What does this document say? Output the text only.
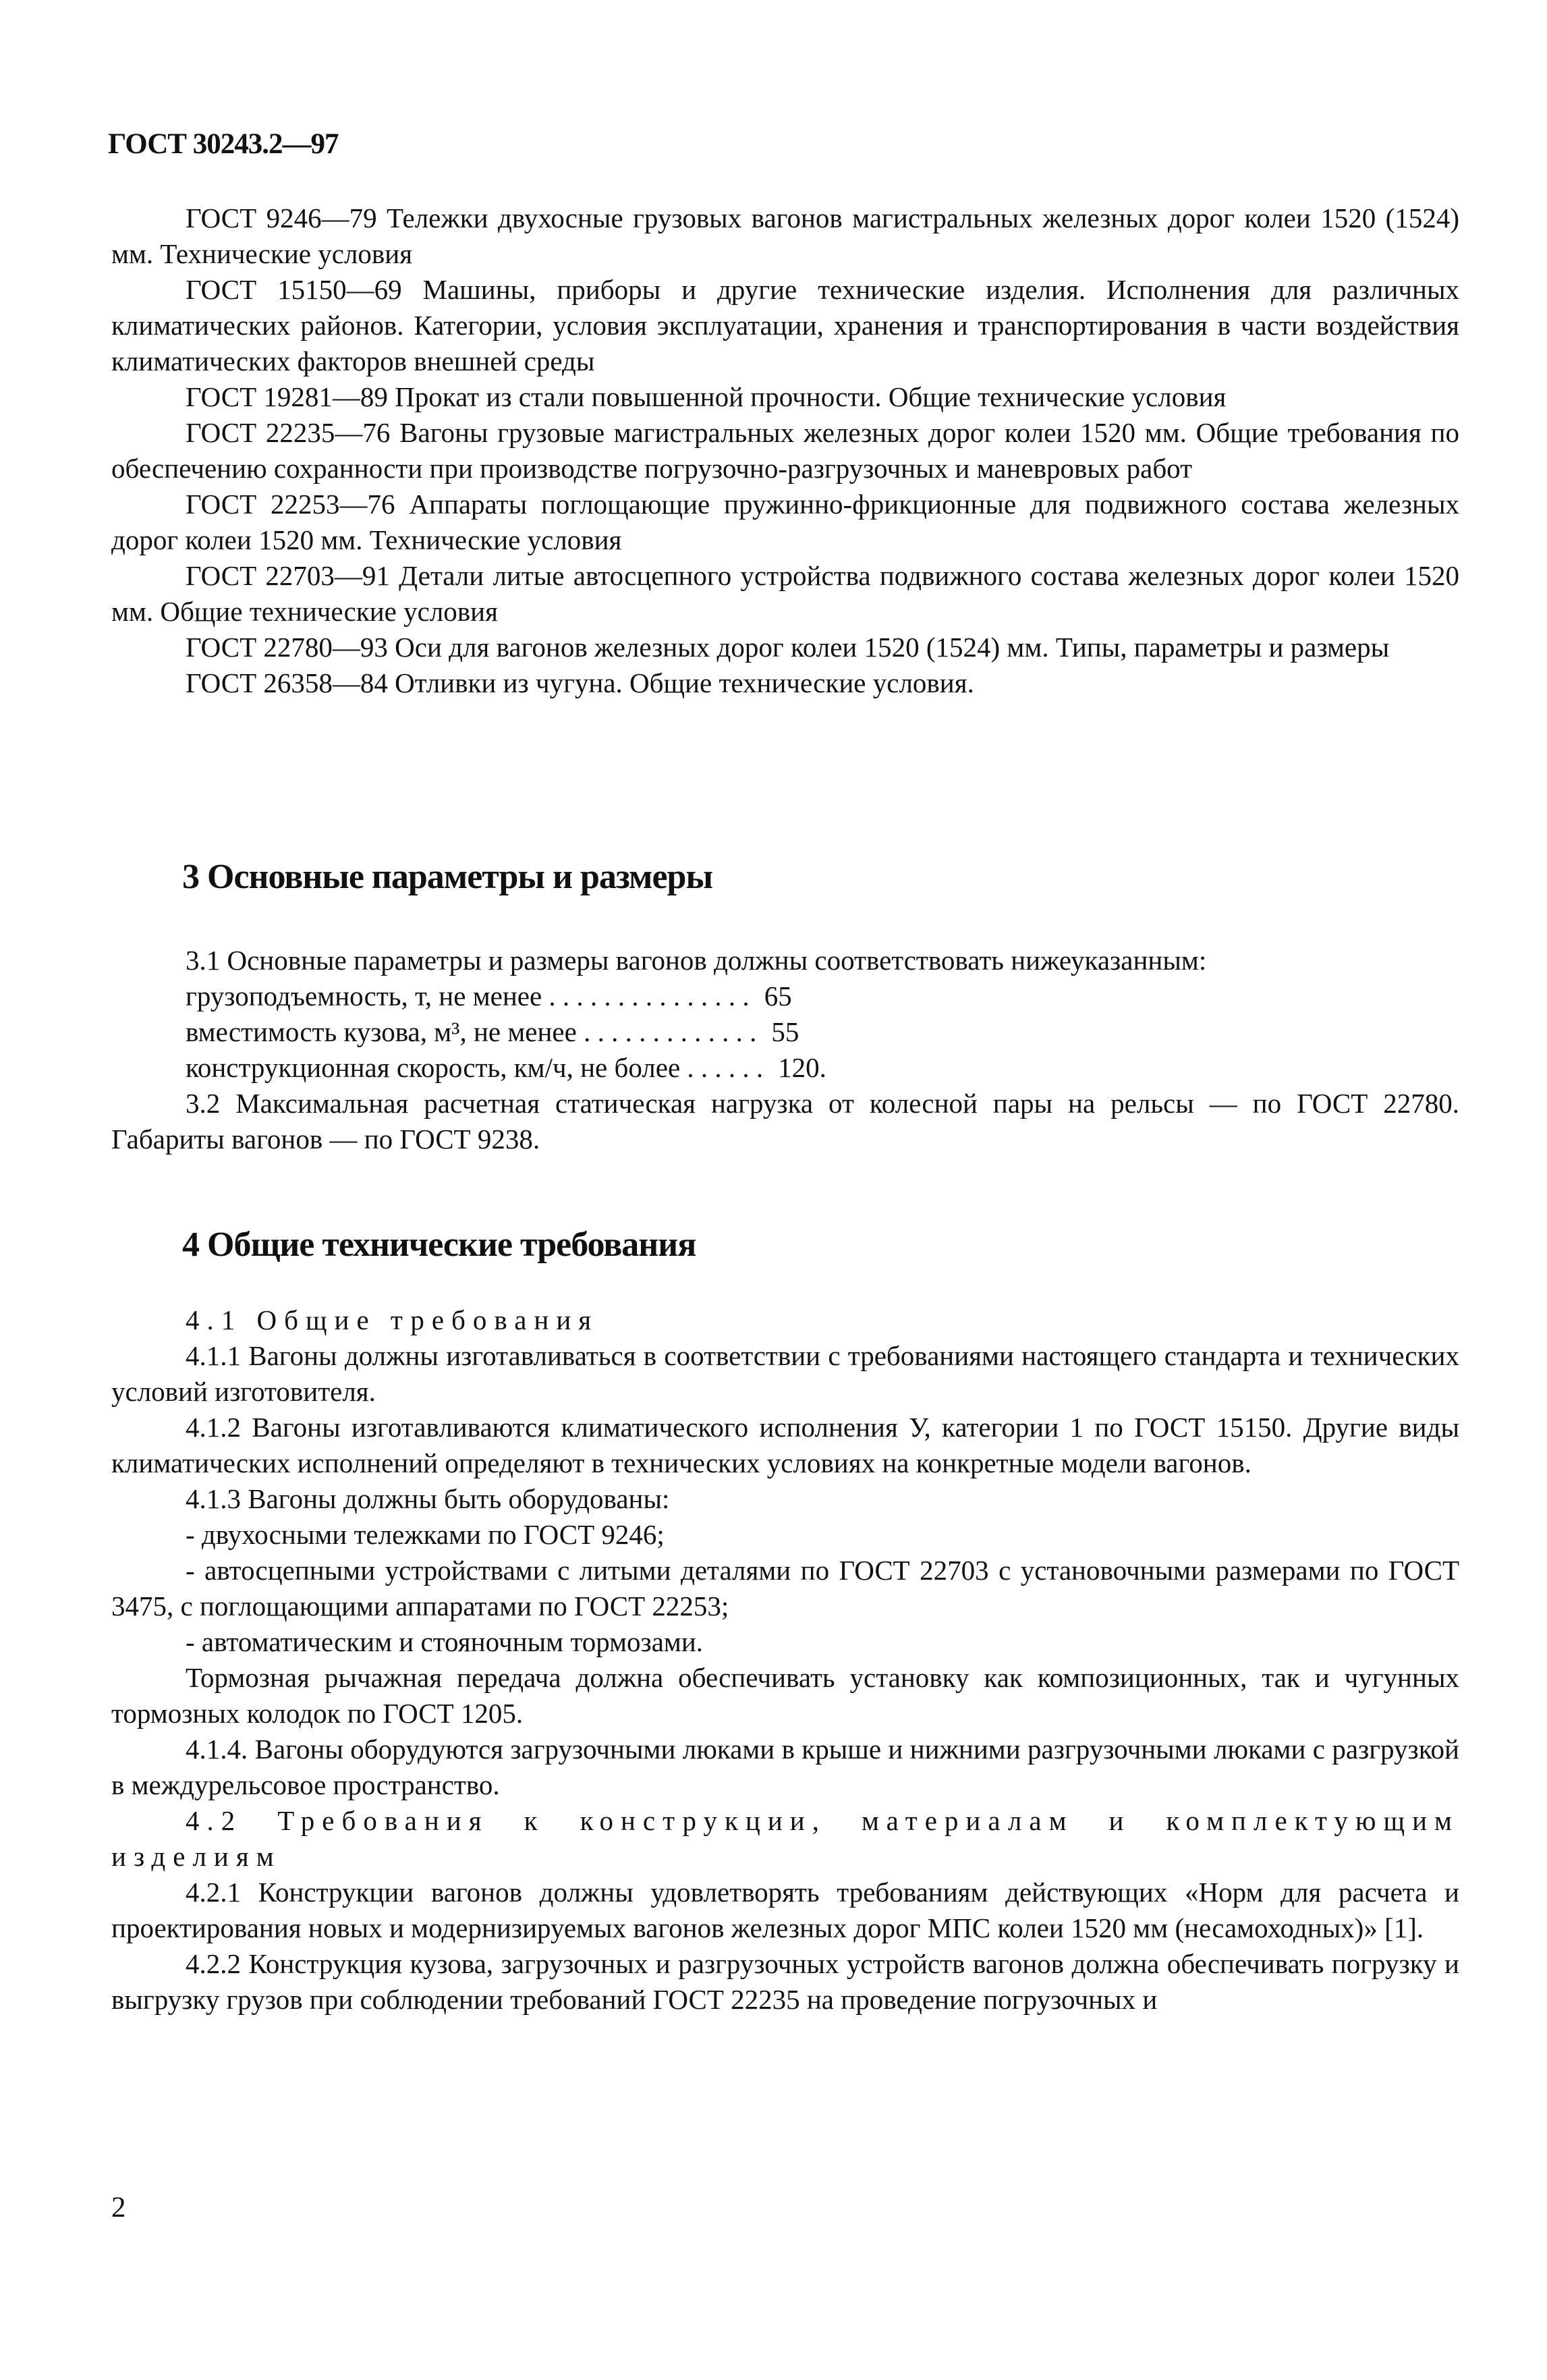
ГОСТ 30243.2—97

ГОСТ 9246—79 Тележки двухосные грузовых вагонов магистральных железных дорог колеи 1520 (1524) мм. Технические условия

ГОСТ 15150—69 Машины, приборы и другие технические изделия. Исполнения для различных климатических районов. Категории, условия эксплуатации, хранения и транспортирования в части воздействия климатических факторов внешней среды

ГОСТ 19281—89 Прокат из стали повышенной прочности. Общие технические условия

ГОСТ 22235—76 Вагоны грузовые магистральных железных дорог колеи 1520 мм. Общие требования по обеспечению сохранности при производстве погрузочно-разгрузочных и маневровых работ

ГОСТ 22253—76 Аппараты поглощающие пружинно-фрикционные для подвижного состава железных дорог колеи 1520 мм. Технические условия

ГОСТ 22703—91 Детали литые автосцепного устройства подвижного состава железных дорог колеи 1520 мм. Общие технические условия

ГОСТ 22780—93 Оси для вагонов железных дорог колеи 1520 (1524) мм. Типы, параметры и размеры

ГОСТ 26358—84 Отливки из чугуна. Общие технические условия.

3 Основные параметры и размеры

3.1 Основные параметры и размеры вагонов должны соответствовать нижеуказанным:

грузоподъемность, т, не менее . . . . . . . . . . . . . . . 65
вместимость кузова, м³, не менее . . . . . . . . . . . . . 55
конструкционная скорость, км/ч, не более . . . . . . 120.

3.2 Максимальная расчетная статическая нагрузка от колесной пары на рельсы — по ГОСТ 22780. Габариты вагонов — по ГОСТ 9238.

4 Общие технические требования

4.1 Общие требования

4.1.1 Вагоны должны изготавливаться в соответствии с требованиями настоящего стандарта и технических условий изготовителя.

4.1.2 Вагоны изготавливаются климатического исполнения У, категории 1 по ГОСТ 15150. Другие виды климатических исполнений определяют в технических условиях на конкретные модели вагонов.

4.1.3 Вагоны должны быть оборудованы:

- двухосными тележками по ГОСТ 9246;

- автосцепными устройствами с литыми деталями по ГОСТ 22703 с установочными размерами по ГОСТ 3475, с поглощающими аппаратами по ГОСТ 22253;

- автоматическим и стояночным тормозами.

Тормозная рычажная передача должна обеспечивать установку как композиционных, так и чугунных тормозных колодок по ГОСТ 1205.

4.1.4. Вагоны оборудуются загрузочными люками в крыше и нижними разгрузочными люками с разгрузкой в междурельсовое пространство.

4.2 Требования к конструкции, материалам и комплектующим изделиям

4.2.1 Конструкции вагонов должны удовлетворять требованиям действующих «Норм для расчета и проектирования новых и модернизируемых вагонов железных дорог МПС колеи 1520 мм (несамоходных)» [1].

4.2.2 Конструкция кузова, загрузочных и разгрузочных устройств вагонов должна обеспечивать погрузку и выгрузку грузов при соблюдении требований ГОСТ 22235 на проведение погрузочных и

2
